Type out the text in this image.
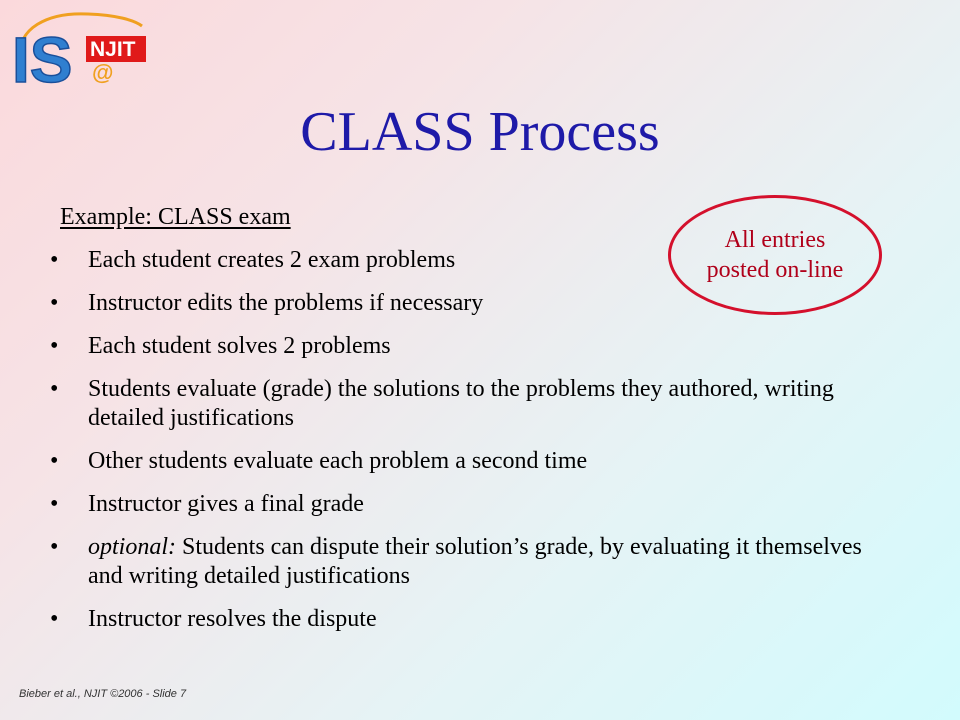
IS NJIT
@
CLASS Process
Example: CLASS exam
• Each student creates 2 exam problems
• Instructor edits the problems if necessary
• Each student solves 2 problems
• Students evaluate (grade) the solutions to the problems they authored, writing detailed justifications
• Other students evaluate each problem a second time
• Instructor gives a final grade
• optional: Students can dispute their solution’s grade, by evaluating it themselves and writing detailed justifications
• Instructor resolves the dispute
All entries
posted on-line
Bieber et al., NJIT ©2006 - Slide 7
